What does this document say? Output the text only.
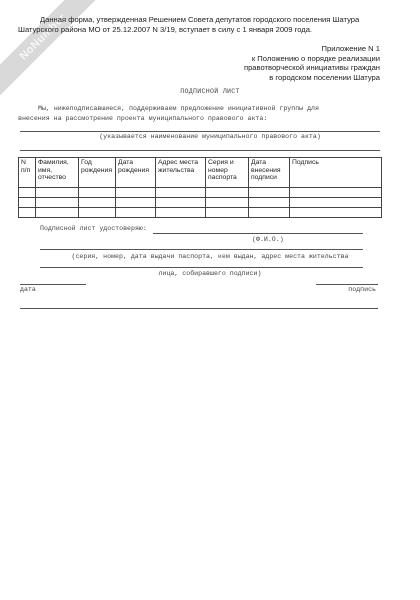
NoNumber
Данная форма, утвержденная Решением Совета депутатов городского поселения Шатура
Шатурского района МО от 25.12.2007 N 3/19, вступает в силу с 1 января 2009 года.
Приложение N 1
к Положению о порядке реализации
правотворческой инициативы граждан
в городском поселении Шатура
ПОДПИСНОЙ ЛИСТ
Мы, нижеподписавшиеся, поддерживаем предложение инициативной группы для
внесения на рассмотрение проекта муниципального правового акта:
(указывается наименование муниципального правового акта)
N п/п	Фамилия, имя, отчество	Год рождения	Дата рождения	Адрес места жительства	Серия и номер паспорта	Дата внесения подписи	Подпись

Подписной лист удостоверяю:
(Ф.И.О.)
(серия, номер, дата выдачи паспорта, кем выдан, адрес места жительства
лица, собиравшего подписи)
дата	подпись
